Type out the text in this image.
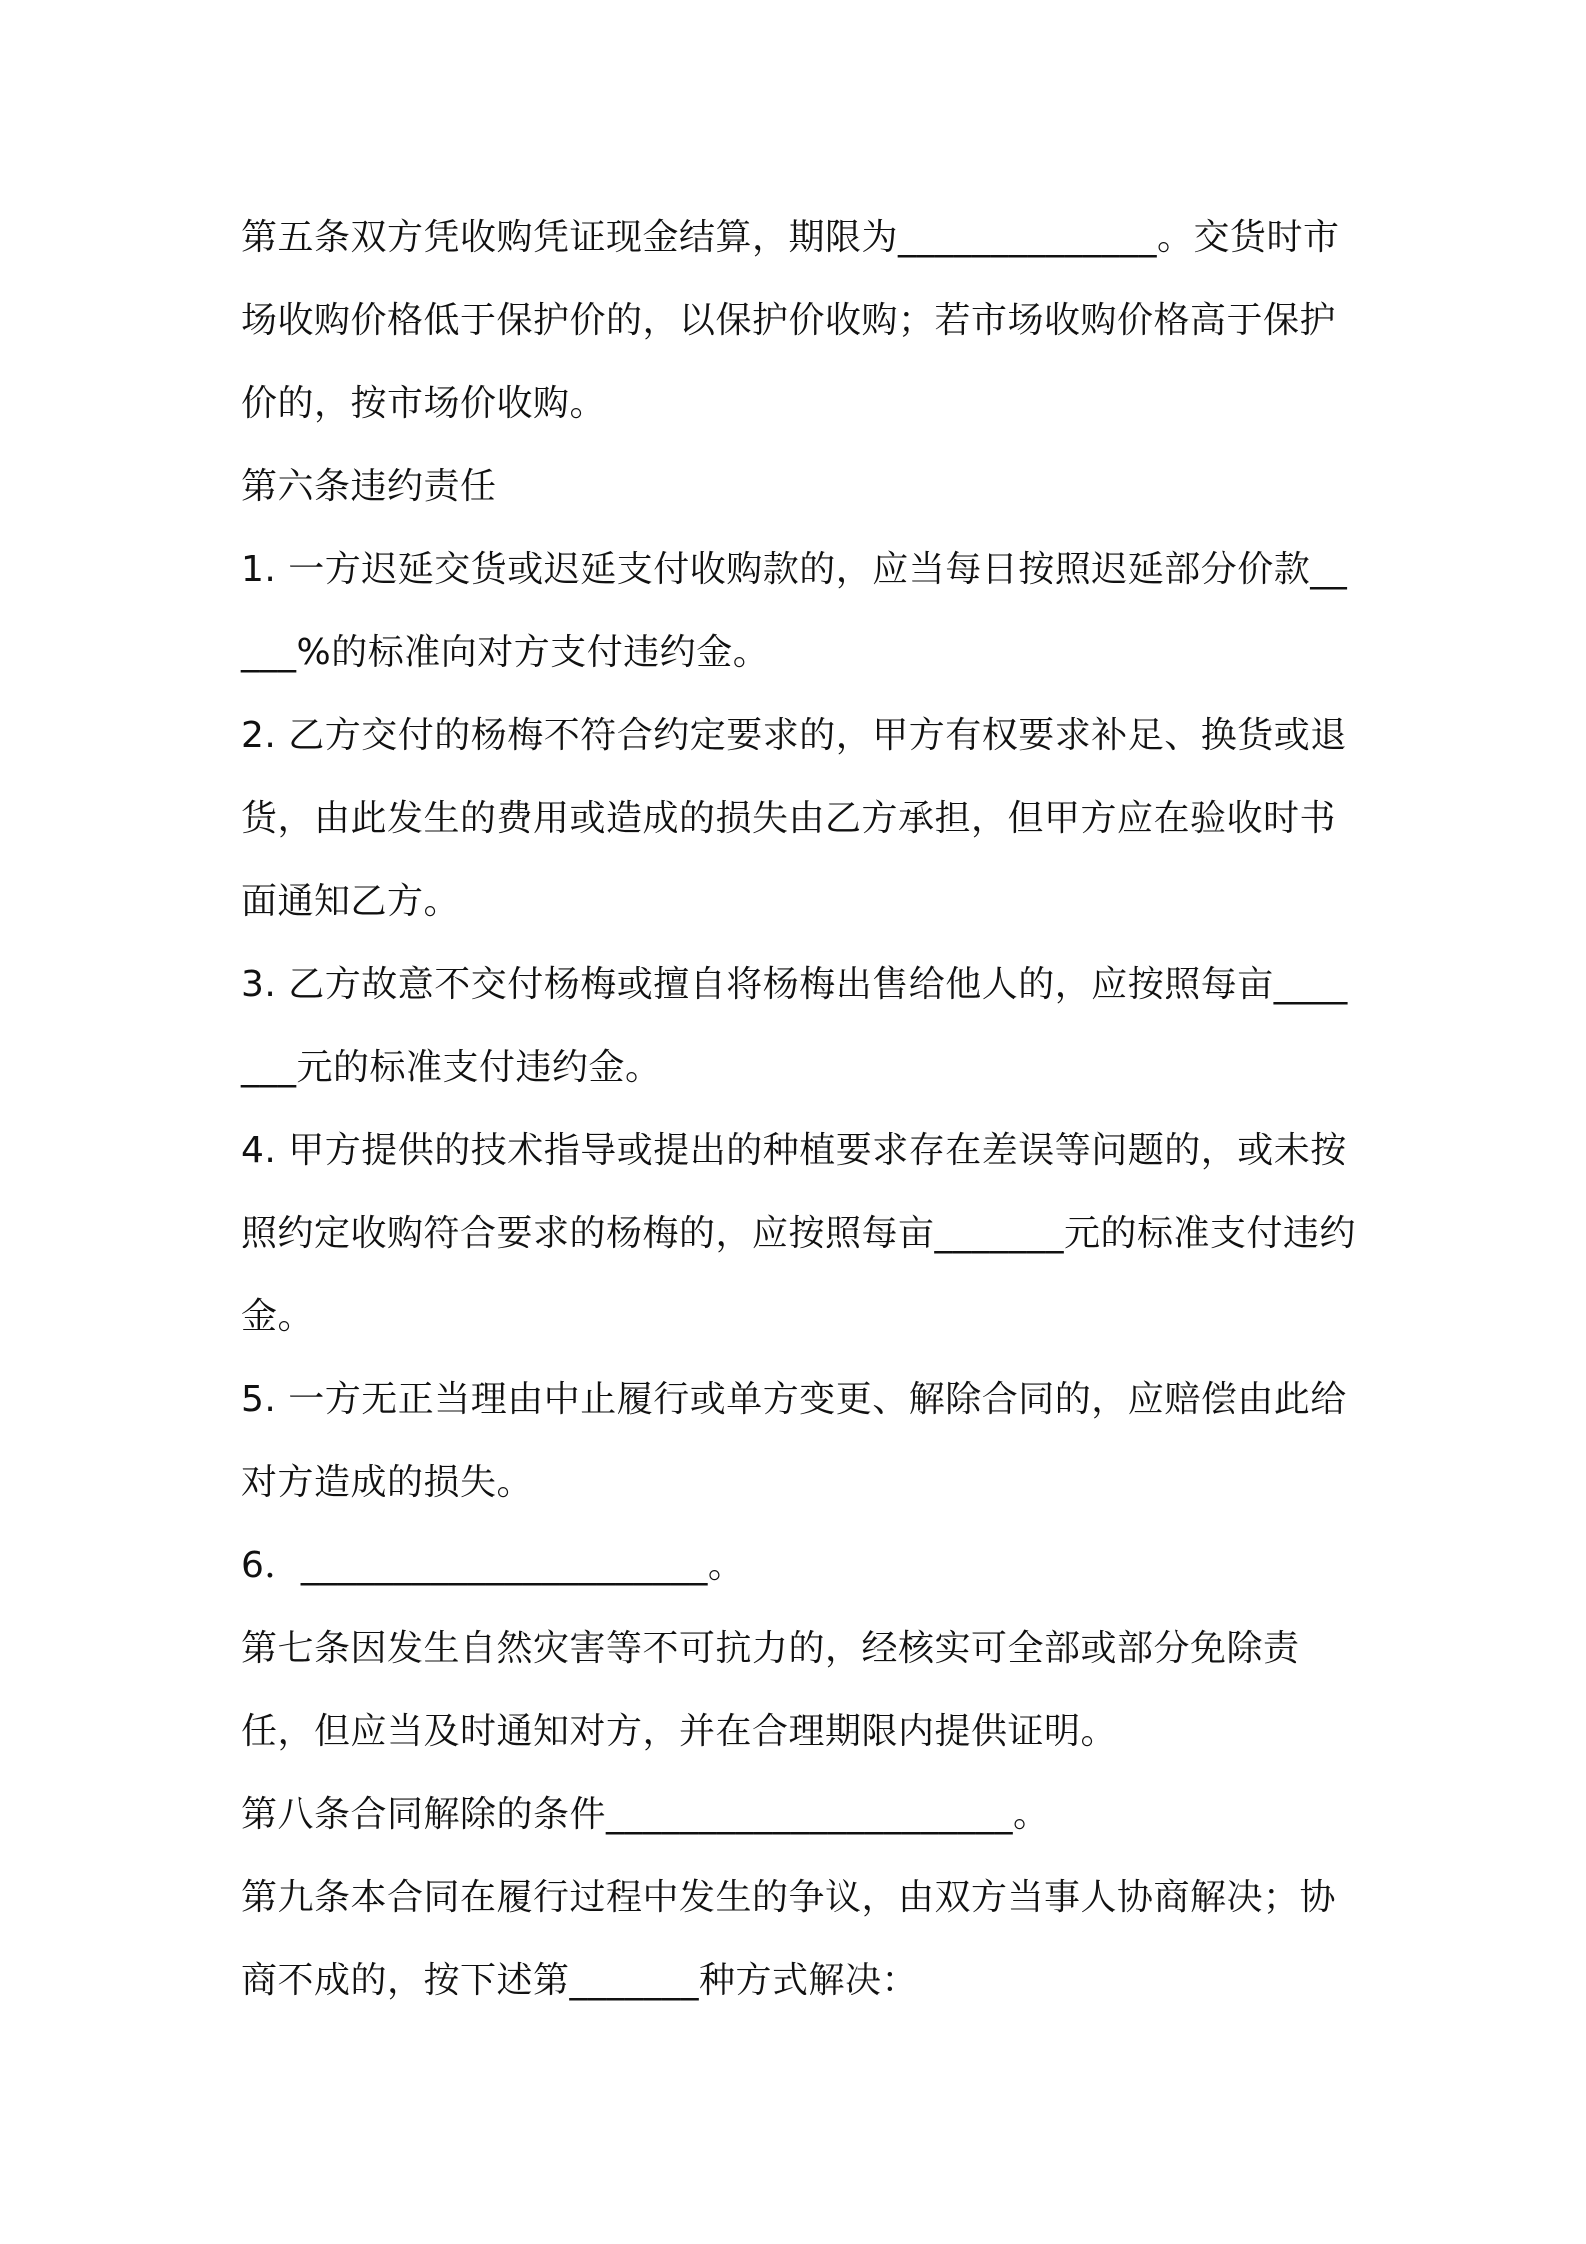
第五条双方凭收购凭证现金结算，期限为______________。交货时市场收购价格低于保护价的，以保护价收购；若市场收购价格高于保护价的，按市场价收购。

第六条违约责任

1. 一方迟延交货或迟延支付收购款的，应当每日按照迟延部分价款_____%的标准向对方支付违约金。

2. 乙方交付的杨梅不符合约定要求的，甲方有权要求补足、换货或退货，由此发生的费用或造成的损失由乙方承担，但甲方应在验收时书面通知乙方。

3. 乙方故意不交付杨梅或擅自将杨梅出售给他人的，应按照每亩_______元的标准支付违约金。

4. 甲方提供的技术指导或提出的种植要求存在差误等问题的，或未按照约定收购符合要求的杨梅的，应按照每亩_______元的标准支付违约金。

5. 一方无正当理由中止履行或单方变更、解除合同的，应赔偿由此给对方造成的损失。

6．______________________。

第七条因发生自然灾害等不可抗力的，经核实可全部或部分免除责任，但应当及时通知对方，并在合理期限内提供证明。

第八条合同解除的条件______________________。

第九条本合同在履行过程中发生的争议，由双方当事人协商解决；协商不成的，按下述第_______种方式解决：
